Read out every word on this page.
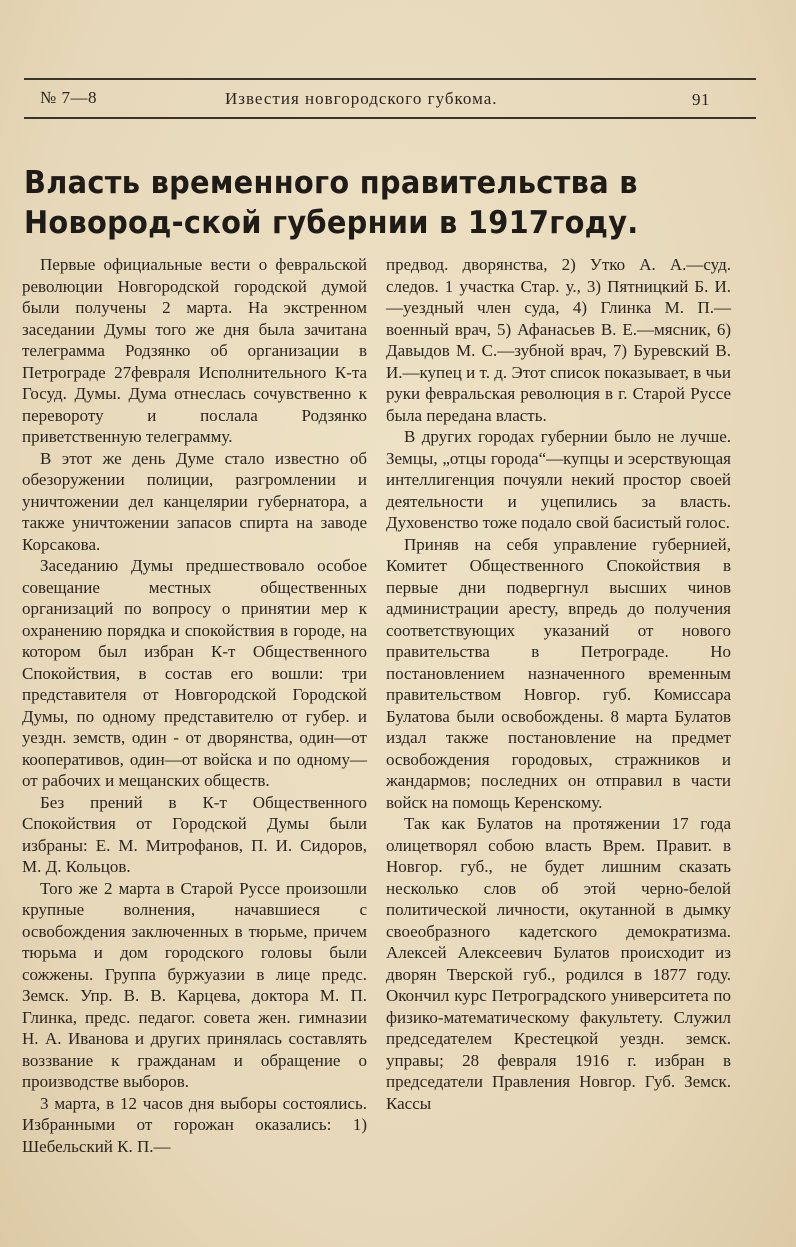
№ 7—8	Известия новгородского губкома.	91
Власть временного правительства в Новород-ской губернии в 1917году.

Первые официальные вести о февральской революции Новгородской городской думой были получены 2 марта. На экстренном заседании Думы того же дня была зачитана телеграмма Родзянко об организации в Петрограде 27февраля Исполнительного К-та Госуд. Думы. Дума отнеслась сочувственно к перевороту и послала Родзянко приветственную телеграмму.

В этот же день Думе стало известно об обезоружении полиции, разгромлении и уничтожении дел канцелярии губернатора, а также уничтожении запасов спирта на заводе Корсакова.

Заседанию Думы предшествовало особое совещание местных общественных организаций по вопросу о принятии мер к охранению порядка и спокойствия в городе, на котором был избран К-т Общественного Спокойствия, в состав его вошли: три представителя от Новгородской Городской Думы, по одному представителю от губер. и уездн. земств, один - от дворянства, один—от кооперативов, один—от войска и по одному—от рабочих и мещанских обществ.

Без прений в К-т Общественного Спокойствия от Городской Думы были избраны: Е. М. Митрофанов, П. И. Сидоров, М. Д. Кольцов.

Того же 2 марта в Старой Руссе произошли крупные волнения, начавшиеся с освобождения заключенных в тюрьме, причем тюрьма и дом городского головы были сожжены. Группа буржуазии в лице предс. Земск. Упр. В. В. Карцева, доктора М. П. Глинка, предс. педагог. совета жен. гимназии Н. А. Иванова и других принялась составлять воззвание к гражданам и обращение о производстве выборов.

3 марта, в 12 часов дня выборы состоялись. Избранными от горожан оказались: 1) Шебельский К. П.—

предвод. дворянства, 2) Утко А. А.—суд. следов. 1 участка Стар. у., 3) Пятницкий Б. И.—уездный член суда, 4) Глинка М. П.—военный врач, 5) Афанасьев В. Е.—мясник, 6) Давыдов М. С.—зубной врач, 7) Буревский В. И.—купец и т. д. Этот список показывает, в чьи руки февральская революция в г. Старой Руссе была передана власть.

В других городах губернии было не лучше. Земцы, „отцы города“—купцы и эсерствующая интеллигенция почуяли некий простор своей деятельности и уцепились за власть. Духовенство тоже подало свой басистый голос.

Приняв на себя управление губернией, Комитет Общественного Спокойствия в первые дни подвергнул высших чинов администрации аресту, впредь до получения соответствующих указаний от нового правительства в Петрограде. Но постановлением назначенного временным правительством Новгор. губ. Комиссара Булатова были освобождены. 8 марта Булатов издал также постановление на предмет освобождения городовых, стражников и жандармов; последних он отправил в части войск на помощь Керенскому.

Так как Булатов на протяжении 17 года олицетворял собою власть Врем. Правит. в Новгор. губ., не будет лишним сказать несколько слов об этой черно-белой политической личности, окутанной в дымку своеобразного кадетского демократизма. Алексей Алексеевич Булатов происходит из дворян Тверской губ., родился в 1877 году. Окончил курс Петроградского университета по физико-математическому факультету. Служил председателем Крестецкой уездн. земск. управы; 28 февраля 1916 г. избран в председатели Правления Новгор. Губ. Земск. Кассы
